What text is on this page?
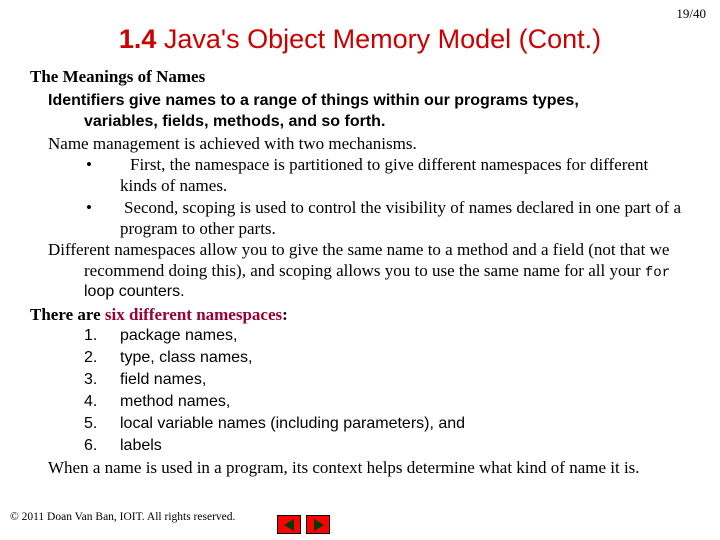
19/40
1.4 Java's Object Memory Model (Cont.)
The Meanings of Names
Identifiers give names to a range of things within our programs types,
variables, fields, methods, and so forth.
Name management is achieved with two mechanisms.
• First, the namespace is partitioned to give different namespaces for different
kinds of names.
• Second, scoping is used to control the visibility of names declared in one part of a
program to other parts.
Different namespaces allow you to give the same name to a method and a field (not that we
recommend doing this), and scoping allows you to use the same name for all your for
loop counters.
There are six different namespaces:
1. package names,
2. type, class names,
3. field names,
4. method names,
5. local variable names (including parameters), and
6. labels
When a name is used in a program, its context helps determine what kind of name it is.
© 2011 Doan Van Ban, IOIT. All rights reserved.
